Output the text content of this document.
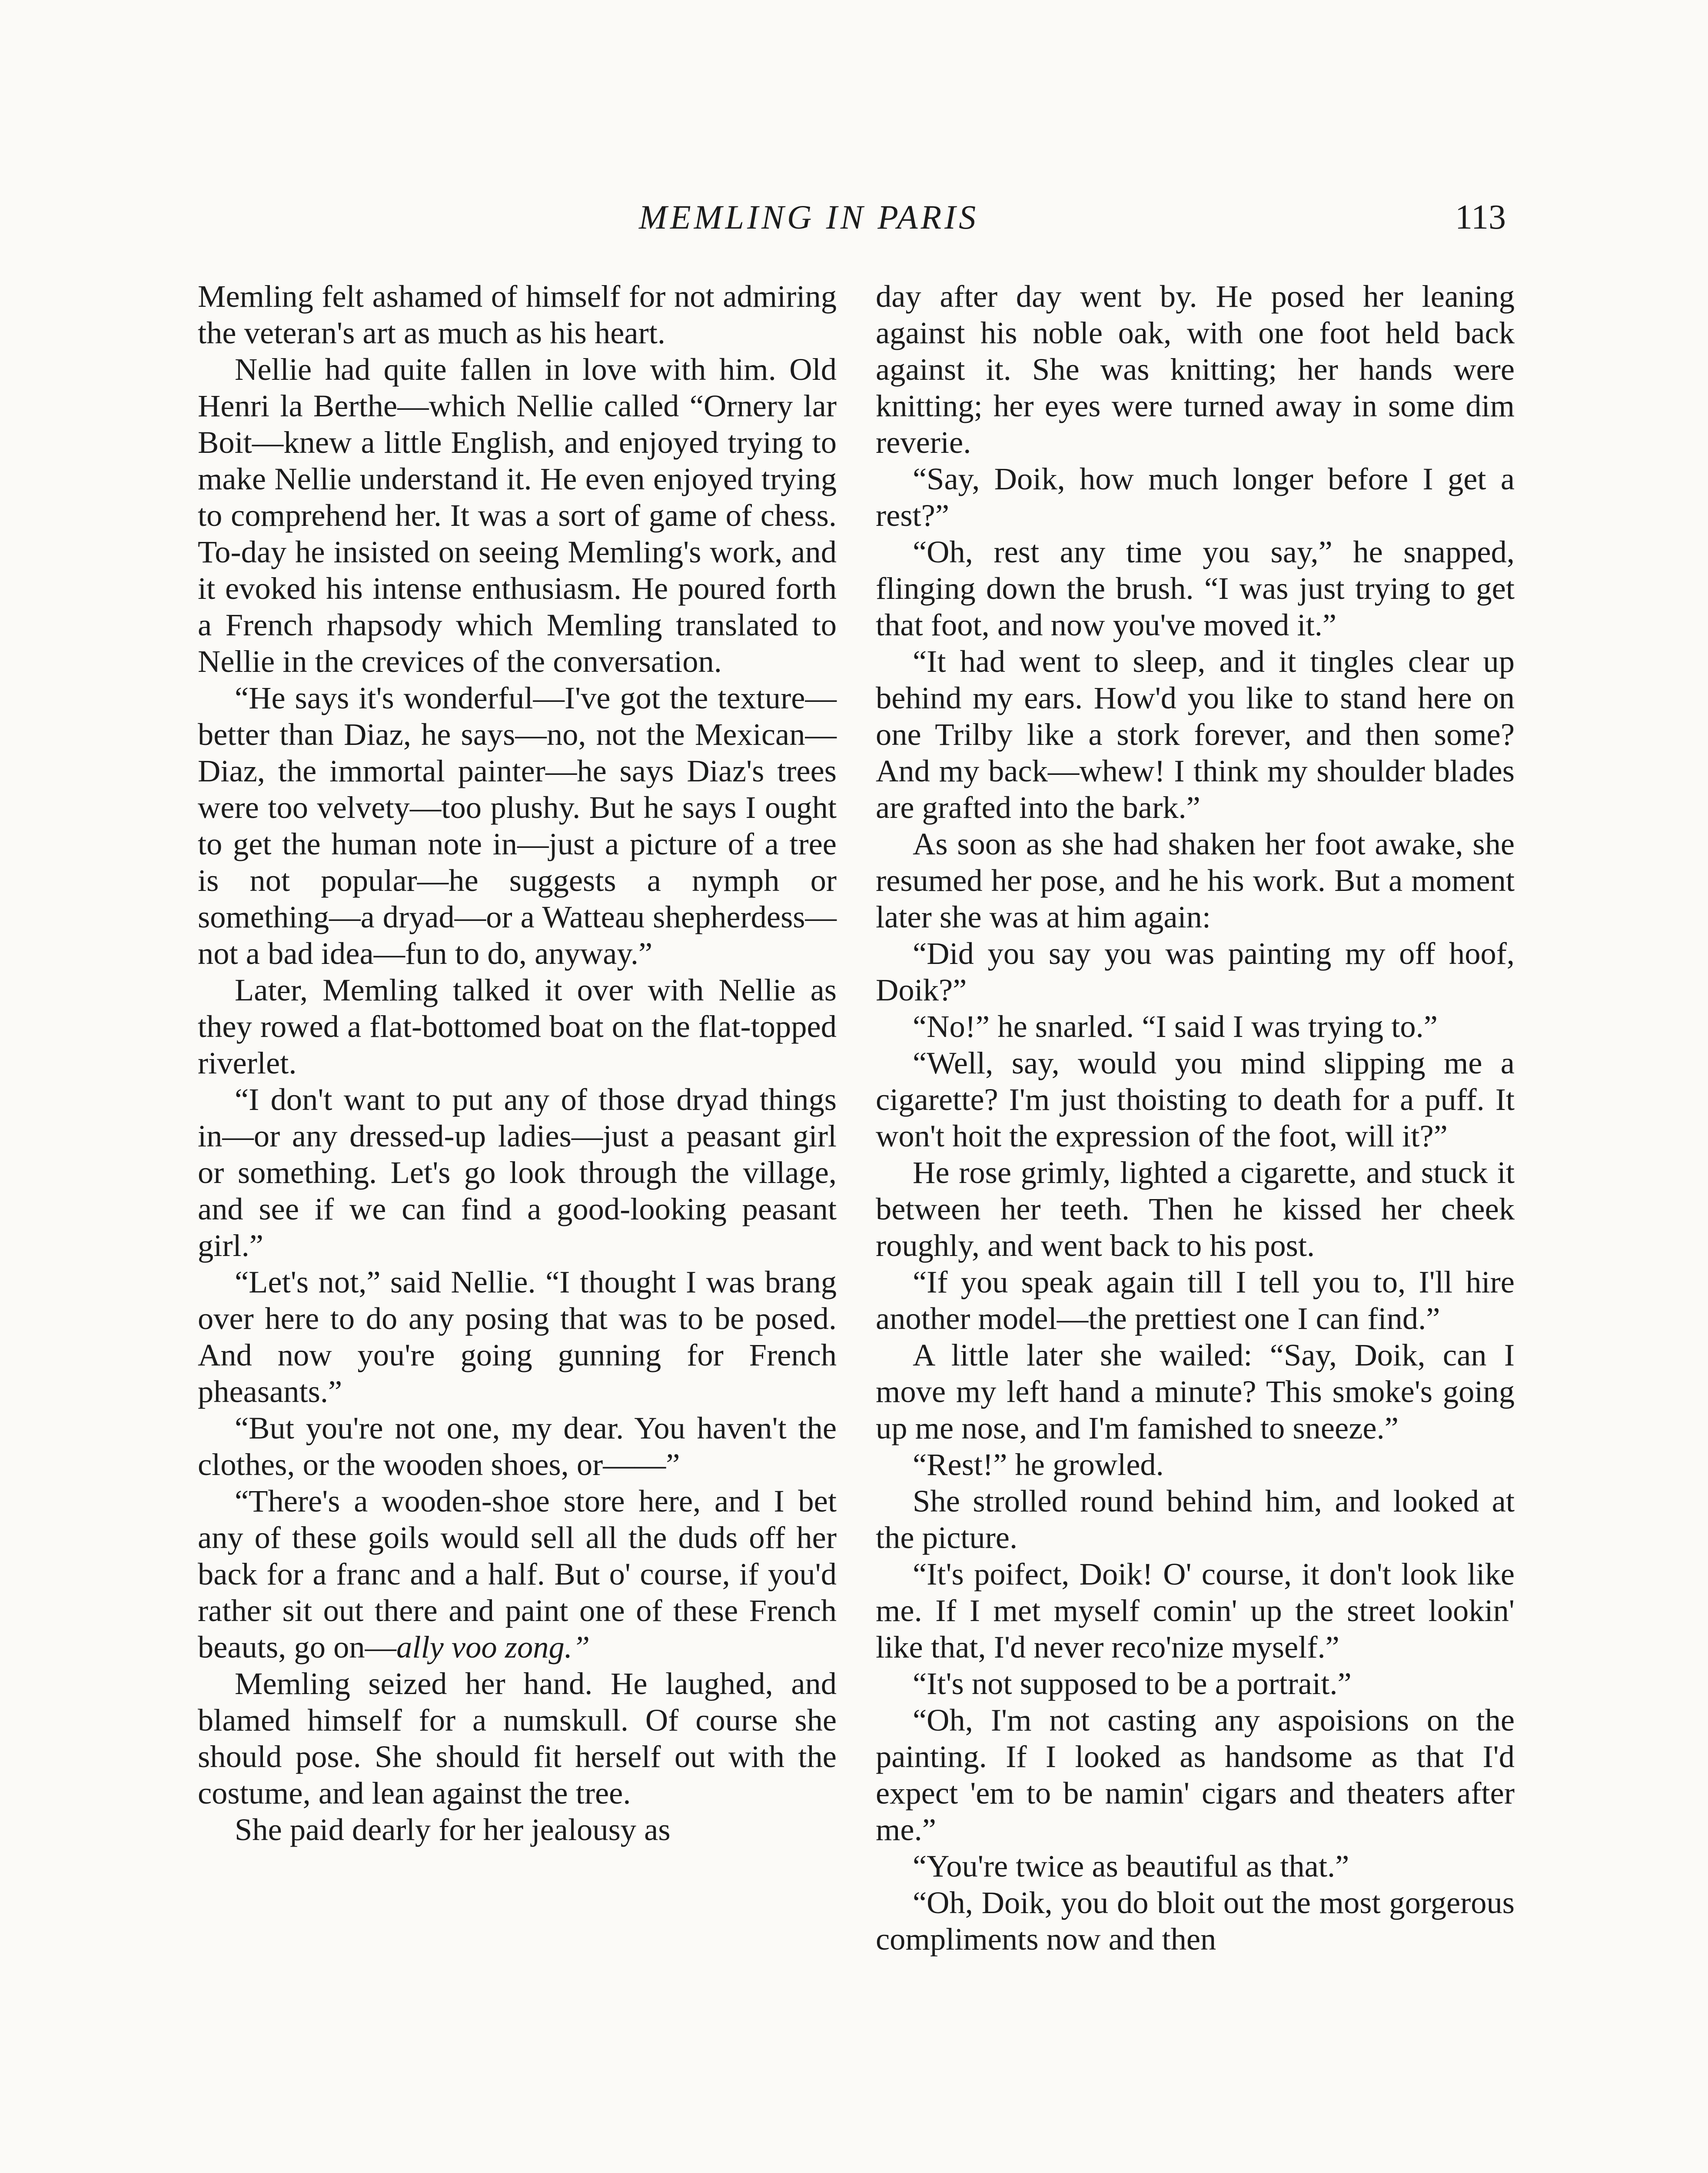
MEMLING IN PARIS	113

Memling felt ashamed of himself for not admiring the veteran's art as much as his heart.

Nellie had quite fallen in love with him. Old Henri la Berthe—which Nellie called “Ornery lar Boit—knew a little English, and enjoyed trying to make Nellie understand it. He even enjoyed trying to comprehend her. It was a sort of game of chess. To-day he insisted on seeing Memling's work, and it evoked his intense enthusiasm. He poured forth a French rhapsody which Memling translated to Nellie in the crevices of the conversation.

“He says it's wonderful—I've got the texture—better than Diaz, he says—no, not the Mexican—Diaz, the immortal painter—he says Diaz's trees were too velvety—too plushy. But he says I ought to get the human note in—just a picture of a tree is not popular—he suggests a nymph or something—a dryad—or a Watteau shepherdess—not a bad idea—fun to do, anyway.”

Later, Memling talked it over with Nellie as they rowed a flat-bottomed boat on the flat-topped riverlet.

“I don't want to put any of those dryad things in—or any dressed-up ladies—just a peasant girl or something. Let's go look through the village, and see if we can find a good-looking peasant girl.”

“Let's not,” said Nellie. “I thought I was brang over here to do any posing that was to be posed. And now you're going gunning for French pheasants.”

“But you're not one, my dear. You haven't the clothes, or the wooden shoes, or——”

“There's a wooden-shoe store here, and I bet any of these goils would sell all the duds off her back for a franc and a half. But o' course, if you'd rather sit out there and paint one of these French beauts, go on—ally voo zong.”

Memling seized her hand. He laughed, and blamed himself for a numskull. Of course she should pose. She should fit herself out with the costume, and lean against the tree.

She paid dearly for her jealousy as

day after day went by. He posed her leaning against his noble oak, with one foot held back against it. She was knitting; her hands were knitting; her eyes were turned away in some dim reverie.

“Say, Doik, how much longer before I get a rest?”

“Oh, rest any time you say,” he snapped, flinging down the brush. “I was just trying to get that foot, and now you've moved it.”

“It had went to sleep, and it tingles clear up behind my ears. How'd you like to stand here on one Trilby like a stork forever, and then some? And my back—whew! I think my shoulder blades are grafted into the bark.”

As soon as she had shaken her foot awake, she resumed her pose, and he his work. But a moment later she was at him again:

“Did you say you was painting my off hoof, Doik?”

“No!” he snarled. “I said I was trying to.”

“Well, say, would you mind slipping me a cigarette? I'm just thoisting to death for a puff. It won't hoit the expression of the foot, will it?”

He rose grimly, lighted a cigarette, and stuck it between her teeth. Then he kissed her cheek roughly, and went back to his post.

“If you speak again till I tell you to, I'll hire another model—the prettiest one I can find.”

A little later she wailed: “Say, Doik, can I move my left hand a minute? This smoke's going up me nose, and I'm famished to sneeze.”

“Rest!” he growled.

She strolled round behind him, and looked at the picture.

“It's poifect, Doik! O' course, it don't look like me. If I met myself comin' up the street lookin' like that, I'd never reco'nize myself.”

“It's not supposed to be a portrait.”

“Oh, I'm not casting any aspoisions on the painting. If I looked as handsome as that I'd expect 'em to be namin' cigars and theaters after me.”

“You're twice as beautiful as that.”

“Oh, Doik, you do bloit out the most gorgerous compliments now and then
